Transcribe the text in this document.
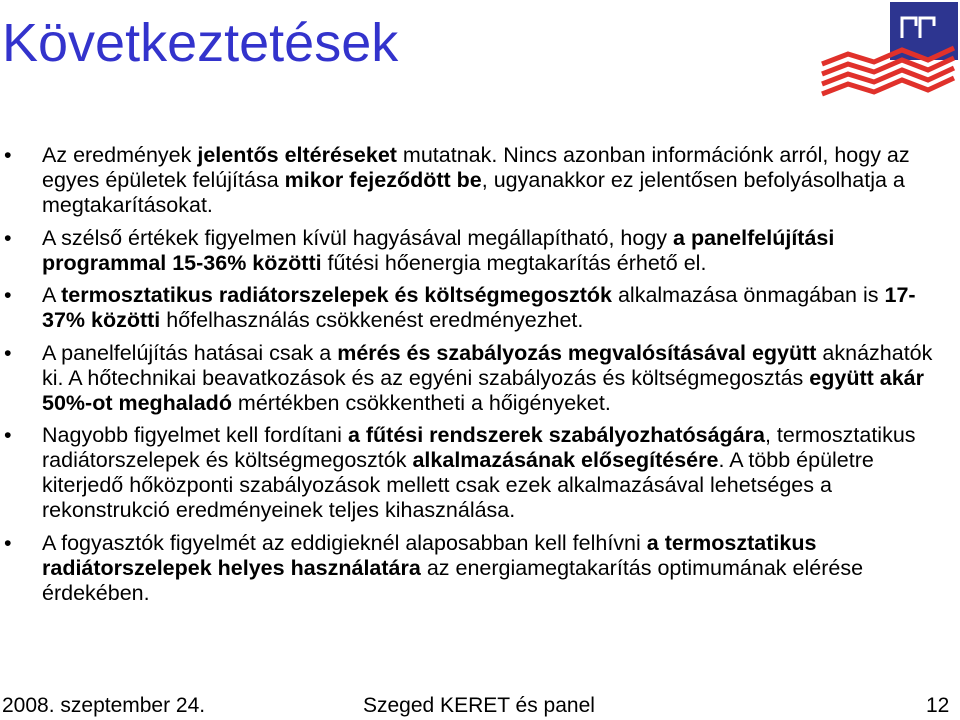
Következtetések
•	Az eredmények jelentős eltéréseket mutatnak. Nincs azonban információnk arról, hogy az egyes épületek felújítása mikor fejeződött be, ugyanakkor ez jelentősen befolyásolhatja a megtakarításokat.
•	A szélső értékek figyelmen kívül hagyásával megállapítható, hogy a panelfelújítási programmal 15-36% közötti fűtési hőenergia megtakarítás érhető el.
•	A termosztatikus radiátorszelepek és költségmegosztók alkalmazása önmagában is 17-37% közötti hőfelhasználás csökkenést eredményezhet.
•	A panelfelújítás hatásai csak a mérés és szabályozás megvalósításával együtt aknázhatók ki. A hőtechnikai beavatkozások és az egyéni szabályozás és költségmegosztás együtt akár 50%-ot meghaladó mértékben csökkentheti a hőigényeket.
•	Nagyobb figyelmet kell fordítani a fűtési rendszerek szabályozhatóságára, termosztatikus radiátorszelepek és költségmegosztók alkalmazásának elősegítésére. A több épületre kiterjedő hőközponti szabályozások mellett csak ezek alkalmazásával lehetséges a rekonstrukció eredményeinek teljes kihasználása.
•	A fogyasztók figyelmét az eddigieknél alaposabban kell felhívni a termosztatikus radiátorszelepek helyes használatára az energiamegtakarítás optimumának elérése érdekében.
2008. szeptember 24.	Szeged KERET és panel	12
